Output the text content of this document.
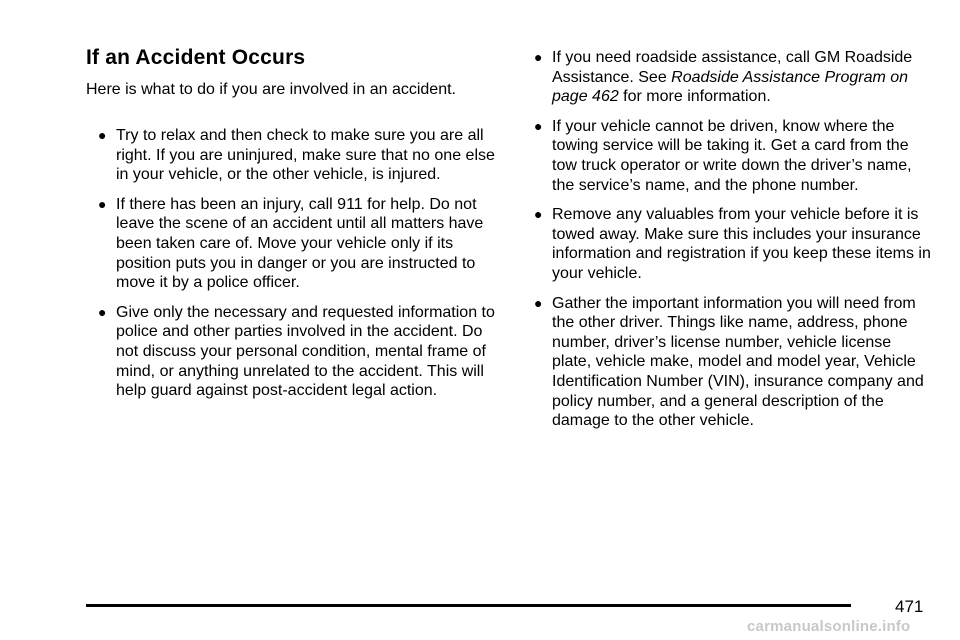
If an Accident Occurs

Here is what to do if you are involved in an accident.

● Try to relax and then check to make sure you are all right. If you are uninjured, make sure that no one else in your vehicle, or the other vehicle, is injured.
● If there has been an injury, call 911 for help. Do not leave the scene of an accident until all matters have been taken care of. Move your vehicle only if its position puts you in danger or you are instructed to move it by a police officer.
● Give only the necessary and requested information to police and other parties involved in the accident. Do not discuss your personal condition, mental frame of mind, or anything unrelated to the accident. This will help guard against post-accident legal action.
● If you need roadside assistance, call GM Roadside Assistance. See Roadside Assistance Program on page 462 for more information.
● If your vehicle cannot be driven, know where the towing service will be taking it. Get a card from the tow truck operator or write down the driver’s name, the service’s name, and the phone number.
● Remove any valuables from your vehicle before it is towed away. Make sure this includes your insurance information and registration if you keep these items in your vehicle.
● Gather the important information you will need from the other driver. Things like name, address, phone number, driver’s license number, vehicle license plate, vehicle make, model and model year, Vehicle Identification Number (VIN), insurance company and policy number, and a general description of the damage to the other vehicle.
471
carmanualsonline.info
